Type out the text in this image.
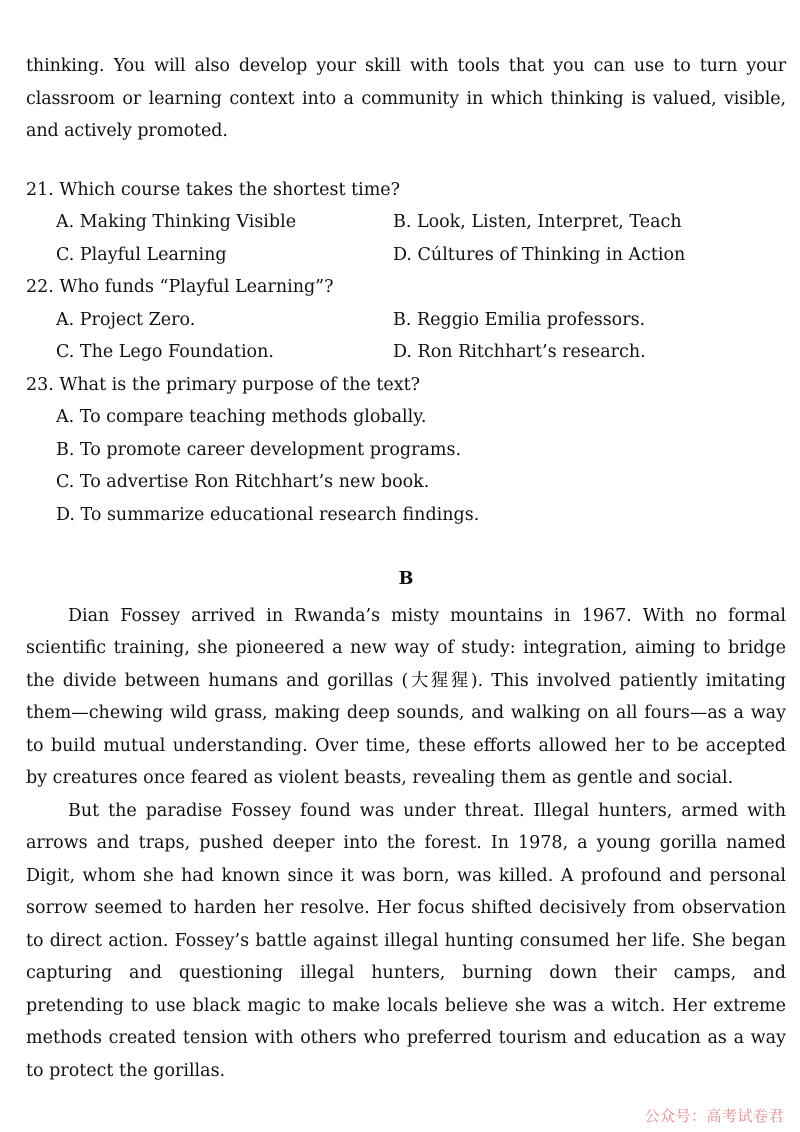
thinking. You will also develop your skill with tools that you can use to turn your classroom or learning context into a community in which thinking is valued, visible, and actively promoted.

21. Which course takes the shortest time?

A. Making Thinking Visible	B. Look, Listen, Interpret, Teach
C. Playful Learning	D. Cúltures of Thinking in Action

22. Who funds “Playful Learning”?

A. Project Zero.	B. Reggio Emilia professors.
C. The Lego Foundation.	D. Ron Ritchhart’s research.

23. What is the primary purpose of the text?

A. To compare teaching methods globally.
B. To promote career development programs.
C. To advertise Ron Ritchhart’s new book.
D. To summarize educational research findings.
B

Dian Fossey arrived in Rwanda’s misty mountains in 1967. With no formal scientific training, she pioneered a new way of study: integration, aiming to bridge the divide between humans and gorillas (大猩猩). This involved patiently imitating them—chewing wild grass, making deep sounds, and walking on all fours—as a way to build mutual understanding. Over time, these efforts allowed her to be accepted by creatures once feared as violent beasts, revealing them as gentle and social.

But the paradise Fossey found was under threat. Illegal hunters, armed with arrows and traps, pushed deeper into the forest. In 1978, a young gorilla named Digit, whom she had known since it was born, was killed. A profound and personal sorrow seemed to harden her resolve. Her focus shifted decisively from observation to direct action. Fossey’s battle against illegal hunting consumed her life. She began capturing and questioning illegal hunters, burning down their camps, and pretending to use black magic to make locals believe she was a witch. Her extreme methods created tension with others who preferred tourism and education as a way to protect the gorillas.

公众号：高考试卷君
